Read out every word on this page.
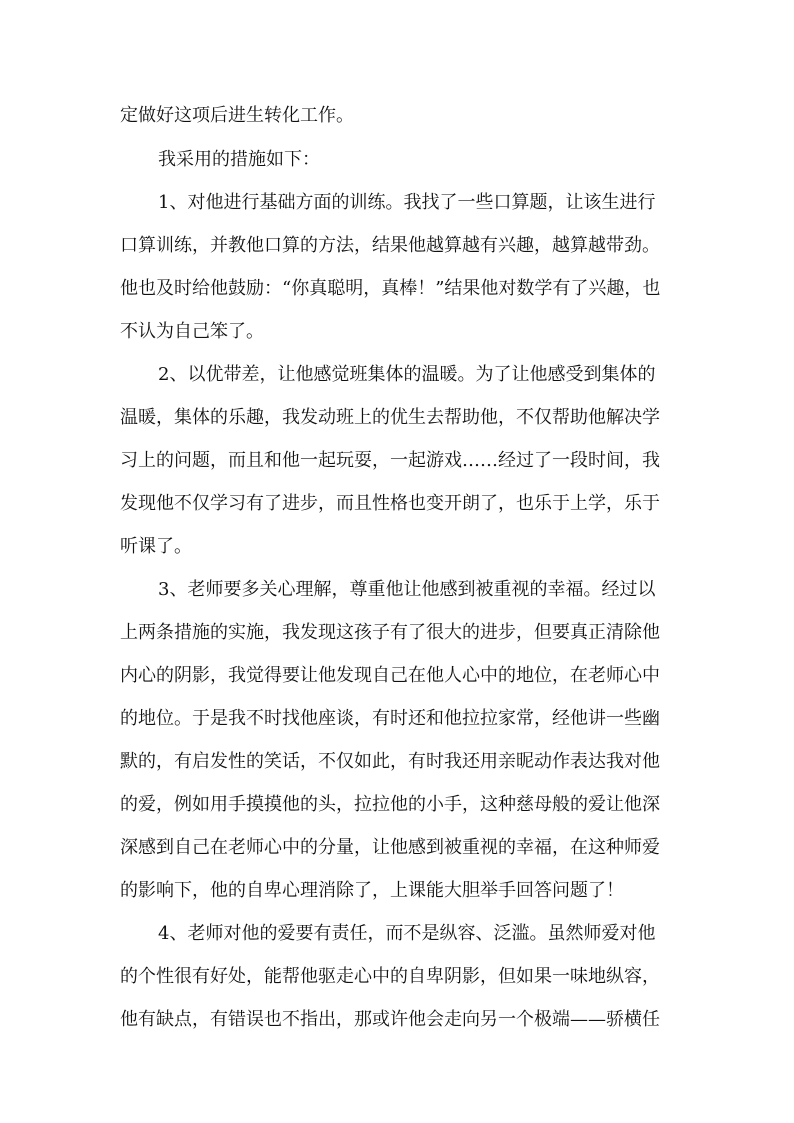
定做好这项后进生转化工作。
我采用的措施如下：
1、对他进行基础方面的训练。我找了一些口算题，让该生进行
口算训练，并教他口算的方法，结果他越算越有兴趣，越算越带劲。
他也及时给他鼓励：“你真聪明，真棒！”结果他对数学有了兴趣，也
不认为自己笨了。
2、以优带差，让他感觉班集体的温暖。为了让他感受到集体的
温暖，集体的乐趣，我发动班上的优生去帮助他，不仅帮助他解决学
习上的问题，而且和他一起玩耍，一起游戏……经过了一段时间，我
发现他不仅学习有了进步，而且性格也变开朗了，也乐于上学，乐于
听课了。
3、老师要多关心理解，尊重他让他感到被重视的幸福。经过以
上两条措施的实施，我发现这孩子有了很大的进步，但要真正清除他
内心的阴影，我觉得要让他发现自己在他人心中的地位，在老师心中
的地位。于是我不时找他座谈，有时还和他拉拉家常，经他讲一些幽
默的，有启发性的笑话，不仅如此，有时我还用亲昵动作表达我对他
的爱，例如用手摸摸他的头，拉拉他的小手，这种慈母般的爱让他深
深感到自己在老师心中的分量，让他感到被重视的幸福，在这种师爱
的影响下，他的自卑心理消除了，上课能大胆举手回答问题了！
4、老师对他的爱要有责任，而不是纵容、泛滥。虽然师爱对他
的个性很有好处，能帮他驱走心中的自卑阴影，但如果一味地纵容，
他有缺点，有错误也不指出，那或许他会走向另一个极端——骄横任
